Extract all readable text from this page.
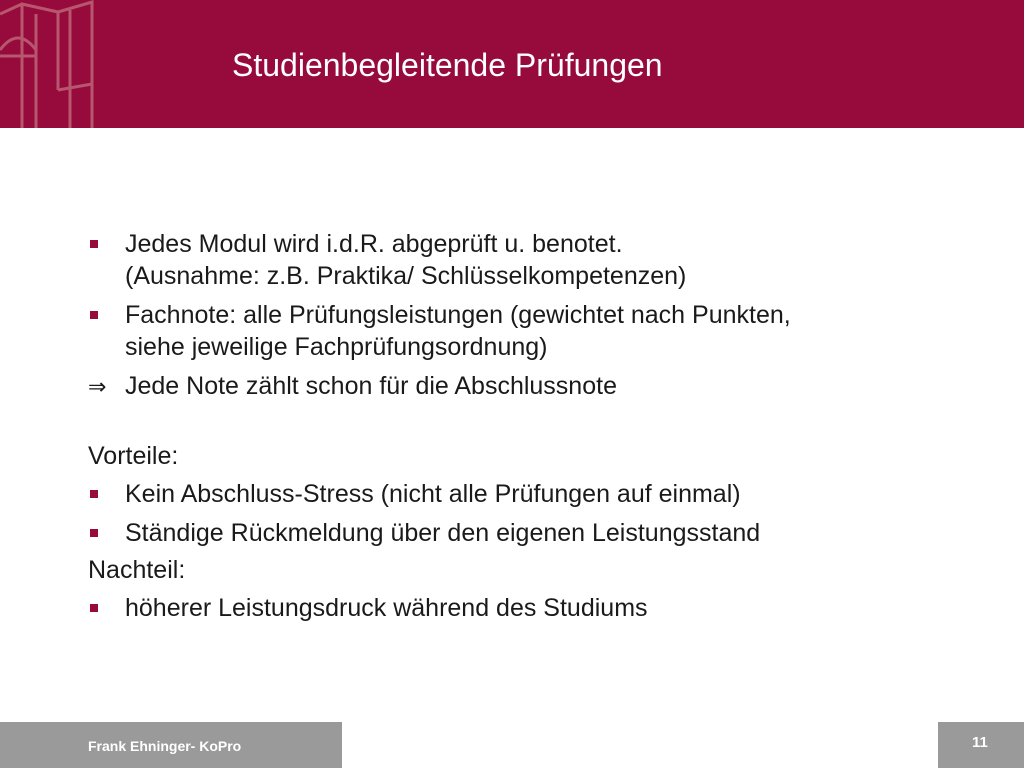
Studienbegleitende Prüfungen
Jedes Modul wird i.d.R. abgeprüft u. benotet.
(Ausnahme: z.B. Praktika/ Schlüsselkompetenzen)
Fachnote: alle Prüfungsleistungen (gewichtet nach Punkten,
siehe jeweilige Fachprüfungsordnung)
⇒ Jede Note zählt schon für die Abschlussnote
Vorteile:
Kein Abschluss-Stress (nicht alle Prüfungen auf einmal)
Ständige Rückmeldung über den eigenen Leistungsstand
Nachteil:
höherer Leistungsdruck während des Studiums
Frank Ehninger- KoPro	11
